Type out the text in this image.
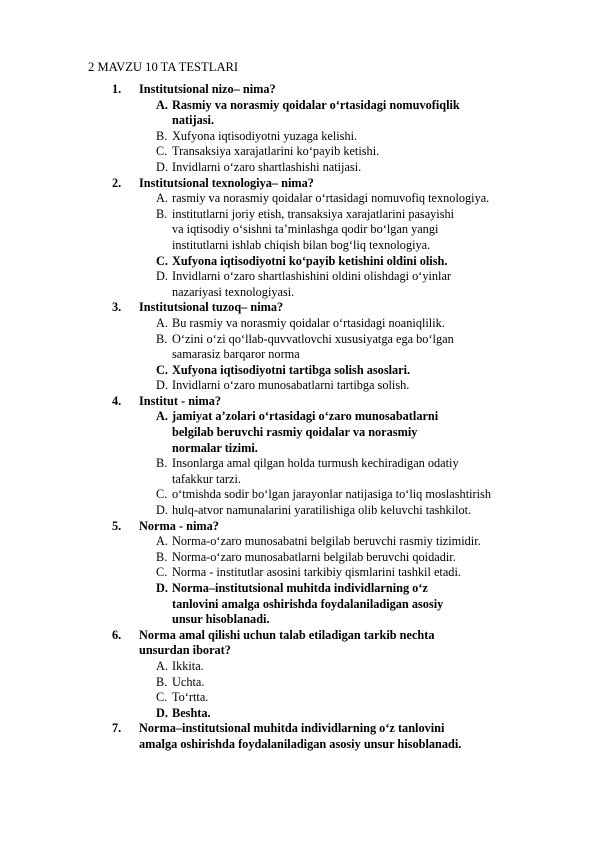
2 MAVZU 10 TA TESTLARI
1. Institutsional nizo– nima?
A. Rasmiy va norasmiy qoidalar o‘rtasidagi nomuvofiqlik
natijasi.
B. Xufyona iqtisodiyotni yuzaga kelishi.
C. Transaksiya xarajatlarini ko‘payib ketishi.
D. Invidlarni o‘zaro shartlashishi natijasi.
2. Institutsional texnologiya– nima?
A. rasmiy va norasmiy qoidalar o‘rtasidagi nomuvofiq texnologiya.
B. institutlarni joriy etish, transaksiya xarajatlarini pasayishi
va iqtisodiy o‘sishni ta’minlashga qodir bo‘lgan yangi
institutlarni ishlab chiqish bilan bog‘liq texnologiya.
C. Xufyona iqtisodiyotni ko‘payib ketishini oldini olish.
D. Invidlarni o‘zaro shartlashishini oldini olishdagi o‘yinlar
nazariyasi texnologiyasi.
3. Institutsional tuzoq– nima?
A. Bu rasmiy va norasmiy qoidalar o‘rtasidagi noaniqlilik.
B. O‘zini o‘zi qo‘llab-quvvatlovchi xususiyatga ega bo‘lgan
samarasiz barqaror norma
C. Xufyona iqtisodiyotni tartibga solish asoslari.
D. Invidlarni o‘zaro munosabatlarni tartibga solish.
4. Institut - nima?
A. jamiyat a’zolari o‘rtasidagi o‘zaro munosabatlarni
belgilab beruvchi rasmiy qoidalar va norasmiy
normalar tizimi.
B. Insonlarga amal qilgan holda turmush kechiradigan odatiy
tafakkur tarzi.
C. o‘tmishda sodir bo‘lgan jarayonlar natijasiga to‘liq moslashtirish
D. hulq-atvor namunalarini yaratilishiga olib keluvchi tashkilot.
5. Norma - nima?
A. Norma-o‘zaro munosabatni belgilab beruvchi rasmiy tizimidir.
B. Norma-o‘zaro munosabatlarni belgilab beruvchi qoidadir.
C. Norma - institutlar asosini tarkibiy qismlarini tashkil etadi.
D. Norma–institutsional muhitda individlarning o‘z
tanlovini amalga oshirishda foydalaniladigan asosiy
unsur hisoblanadi.
6. Norma amal qilishi uchun talab etiladigan tarkib nechta
unsurdan iborat?
A. Ikkita.
B. Uchta.
C. To‘rtta.
D. Beshta.
7. Norma–institutsional muhitda individlarning o‘z tanlovini
amalga oshirishda foydalaniladigan asosiy unsur hisoblanadi.
